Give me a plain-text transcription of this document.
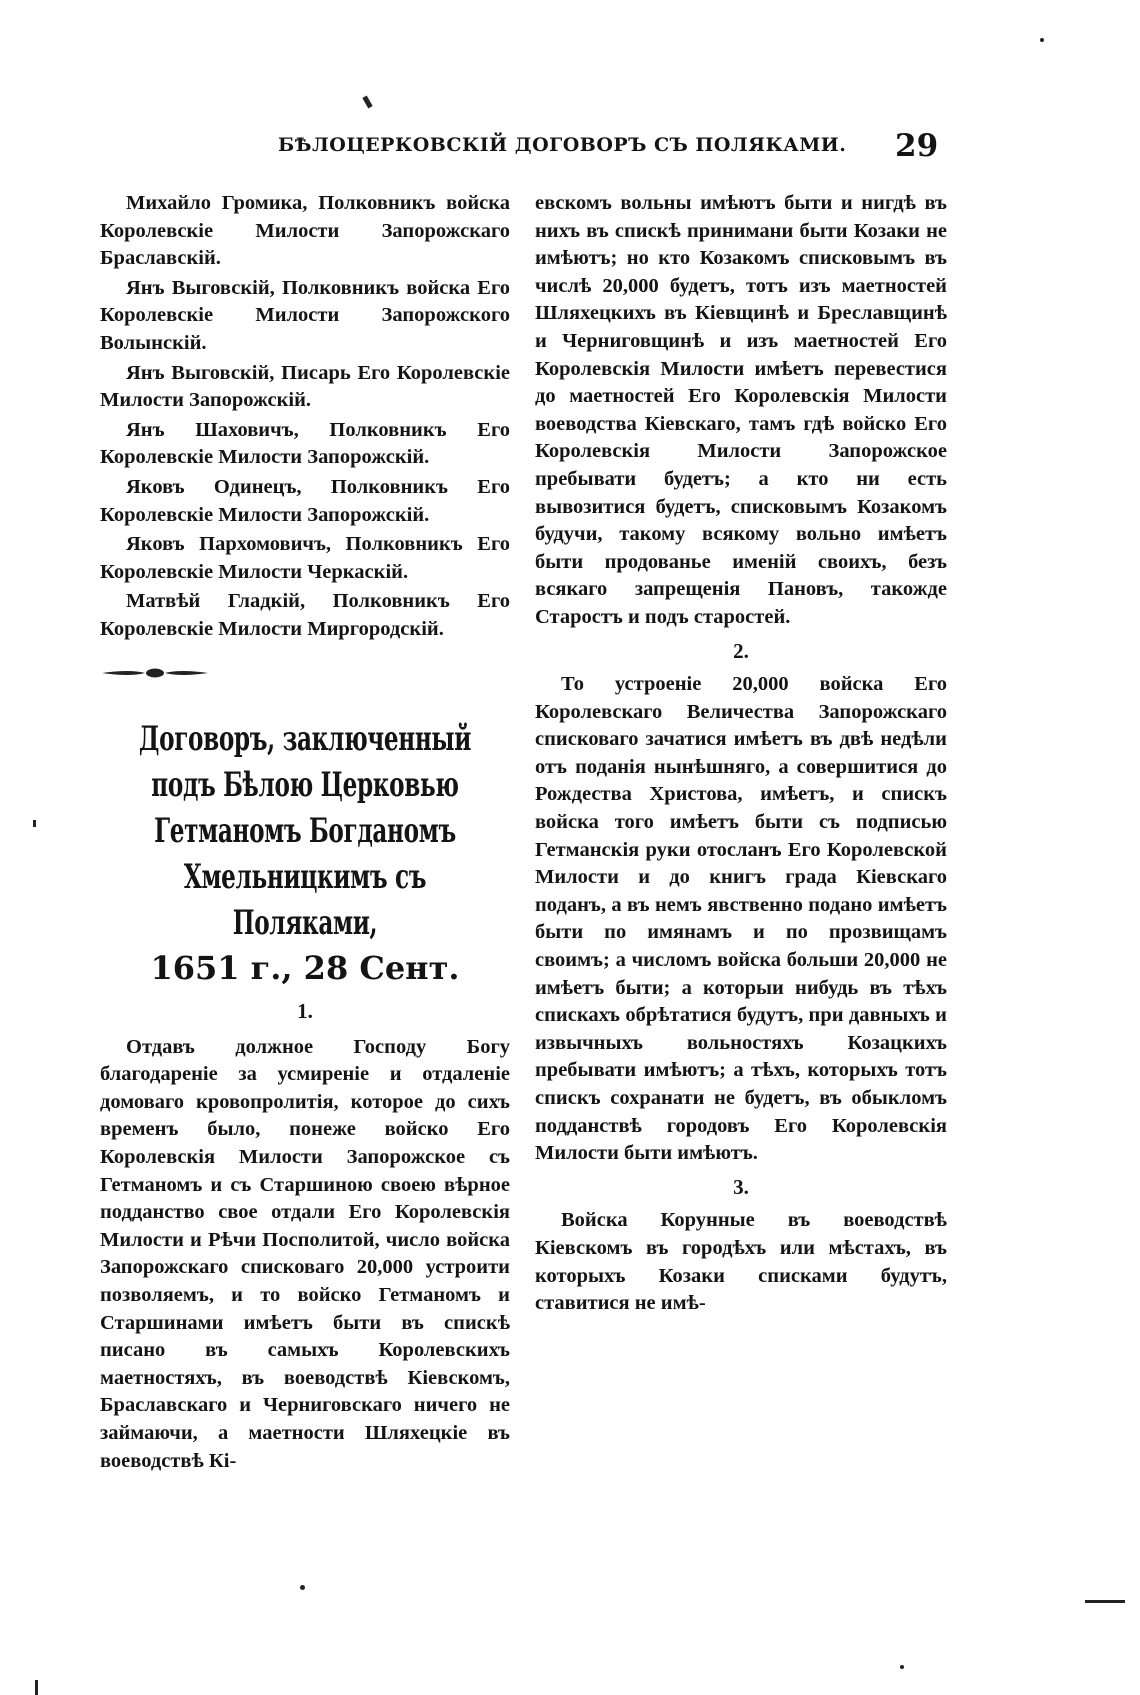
БѢЛОЦЕРКОВСКІЙ ДОГОВОРЪ СЪ ПОЛЯКАМИ. 29

Михайло Громика, Полковникъ войска Королевскіе Милости Запорожскаго Браславскій.

Янъ Выговскій, Полковникъ войска Его Королевскіе Милости Запорожского Волынскій.

Янъ Выговскій, Писарь Его Королевскіе Милости Запорожскій.

Янъ Шаховичъ, Полковникъ Его Королевскіе Милости Запорожскій.

Яковъ Одинецъ, Полковникъ Его Королевскіе Милости Запорожскій.

Яковъ Пархомовичъ, Полковникъ Его Королевскіе Милости Черкаскій.

Матвѣй Гладкій, Полковникъ Его Королевскіе Милости Миргородскій.

Договоръ, заключенный подъ Бѣлою Церковью Гетманомъ Богданомъ Хмельницкимъ съ Поляками,
1651 г., 28 Сент.

1.

Отдавъ должное Господу Богу благодареніе за усмиреніе и отдаленіе домоваго кровопролитія, которое до сихъ временъ было, понеже войско Его Королевскія Милости Запорожское съ Гетманомъ и съ Старшиною своею вѣрное подданство свое отдали Его Королевскія Милости и Рѣчи Посполитой, число войска Запорожскаго списковаго 20,000 устроити позволяемъ, и то войско Гетманомъ и Старшинами имѣетъ быти въ спискѣ писано въ самыхъ Королевскихъ маетностяхъ, въ воеводствѣ Кіевскомъ, Браславскаго и Черниговскаго ничего не займаючи, а маетности Шляхецкіе въ воеводствѣ Кі-

евскомъ вольны имѣютъ быти и нигдѣ въ нихъ въ спискѣ принимани быти Козаки не имѣютъ; но кто Козакомъ списковымъ въ числѣ 20,000 будетъ, тотъ изъ маетностей Шляхецкихъ въ Кіевщинѣ и Бреславщинѣ и Черниговщинѣ и изъ маетностей Его Королевскія Милости имѣетъ перевестися до маетностей Его Королевскія Милости воеводства Кіевскаго, тамъ гдѣ войско Его Королевскія Милости Запорожское пребывати будетъ; а кто ни есть вывозитися будетъ, списковымъ Козакомъ будучи, такому всякому вольно имѣетъ быти продованье именій своихъ, безъ всякаго запрещенія Пановъ, такожде Старостъ и подъ старостей.

2.

То устроеніе 20,000 войска Его Королевскаго Величества Запорожскаго списковаго зачатися имѣетъ въ двѣ недѣли отъ поданія нынѣшняго, а совершитися до Рождества Христова, имѣетъ, и спискъ войска того имѣетъ быти съ подписью Гетманскія руки отосланъ Его Королевской Милости и до книгъ града Кіевскаго поданъ, а въ немъ явственно подано имѣетъ быти по имянамъ и по прозвищамъ своимъ; а числомъ войска больши 20,000 не имѣетъ быти; а которыи нибудь въ тѣхъ спискахъ обрѣтатися будутъ, при давныхъ и извычныхъ вольностяхъ Козацкихъ пребывати имѣютъ; а тѣхъ, которыхъ тотъ спискъ сохранати не будетъ, въ обыкломъ подданствѣ городовъ Его Королевскія Милости быти имѣютъ.

3.

Войска Корунные въ воеводствѣ Кіевскомъ въ городѣхъ или мѣстахъ, въ которыхъ Козаки списками будутъ, ставитися не имѣ-
